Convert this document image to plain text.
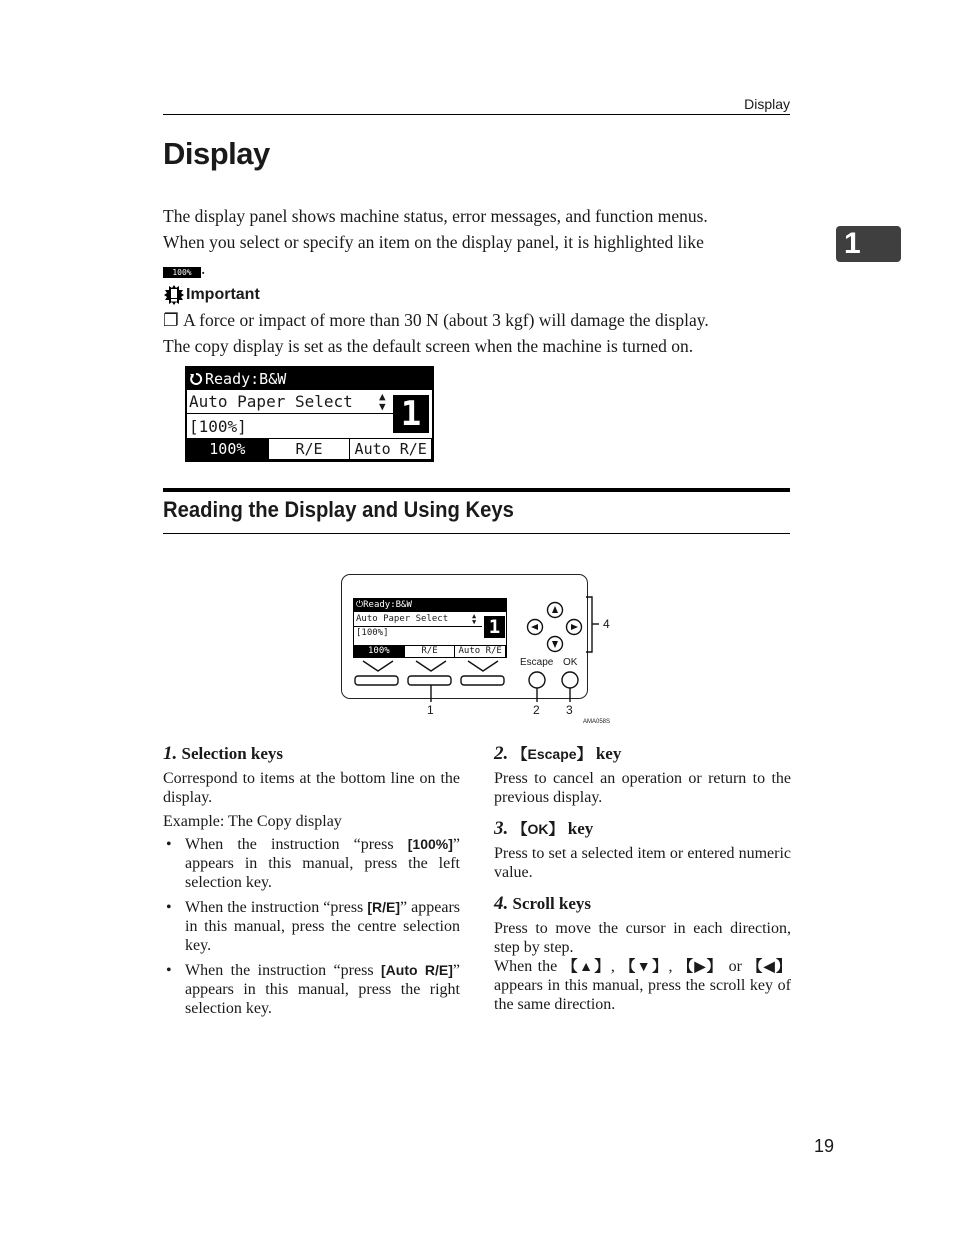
Display
Display
1
The display panel shows machine status, error messages, and function menus.
When you select or specify an item on the display panel, it is highlighted like
100% .
Important
❐ A force or impact of more than 30 N (about 3 kgf) will damage the display.
The copy display is set as the default screen when the machine is turned on.
Ready:B&W
Auto Paper Select ▲
▼
[100%]	1
100%	R/E	Auto R/E
Reading the Display and Using Keys
⏻Ready:B&W
Auto Paper Select	▲
▼
[100%]	1
100%	R/E	Auto R/E
Escape OK
1	2 3
4
AMA058S
1. Selection keys

Correspond to items at the bottom line on the display.

Example: The Copy display

• When the instruction “press [100%]” appears in this manual, press the left selection key.
• When the instruction “press [R/E]” appears in this manual, press the centre selection key.
• When the instruction “press [Auto R/E]” appears in this manual, press the right selection key.
2. 【Escape】 key

Press to cancel an operation or return to the previous display.

3. 【OK】 key

Press to set a selected item or entered numeric value.

4. Scroll keys

Press to move the cursor in each direction, step by step.

When the 【▲】, 【▼】, 【▶】 or 【◀】 appears in this manual, press the scroll key of the same direction.

19
